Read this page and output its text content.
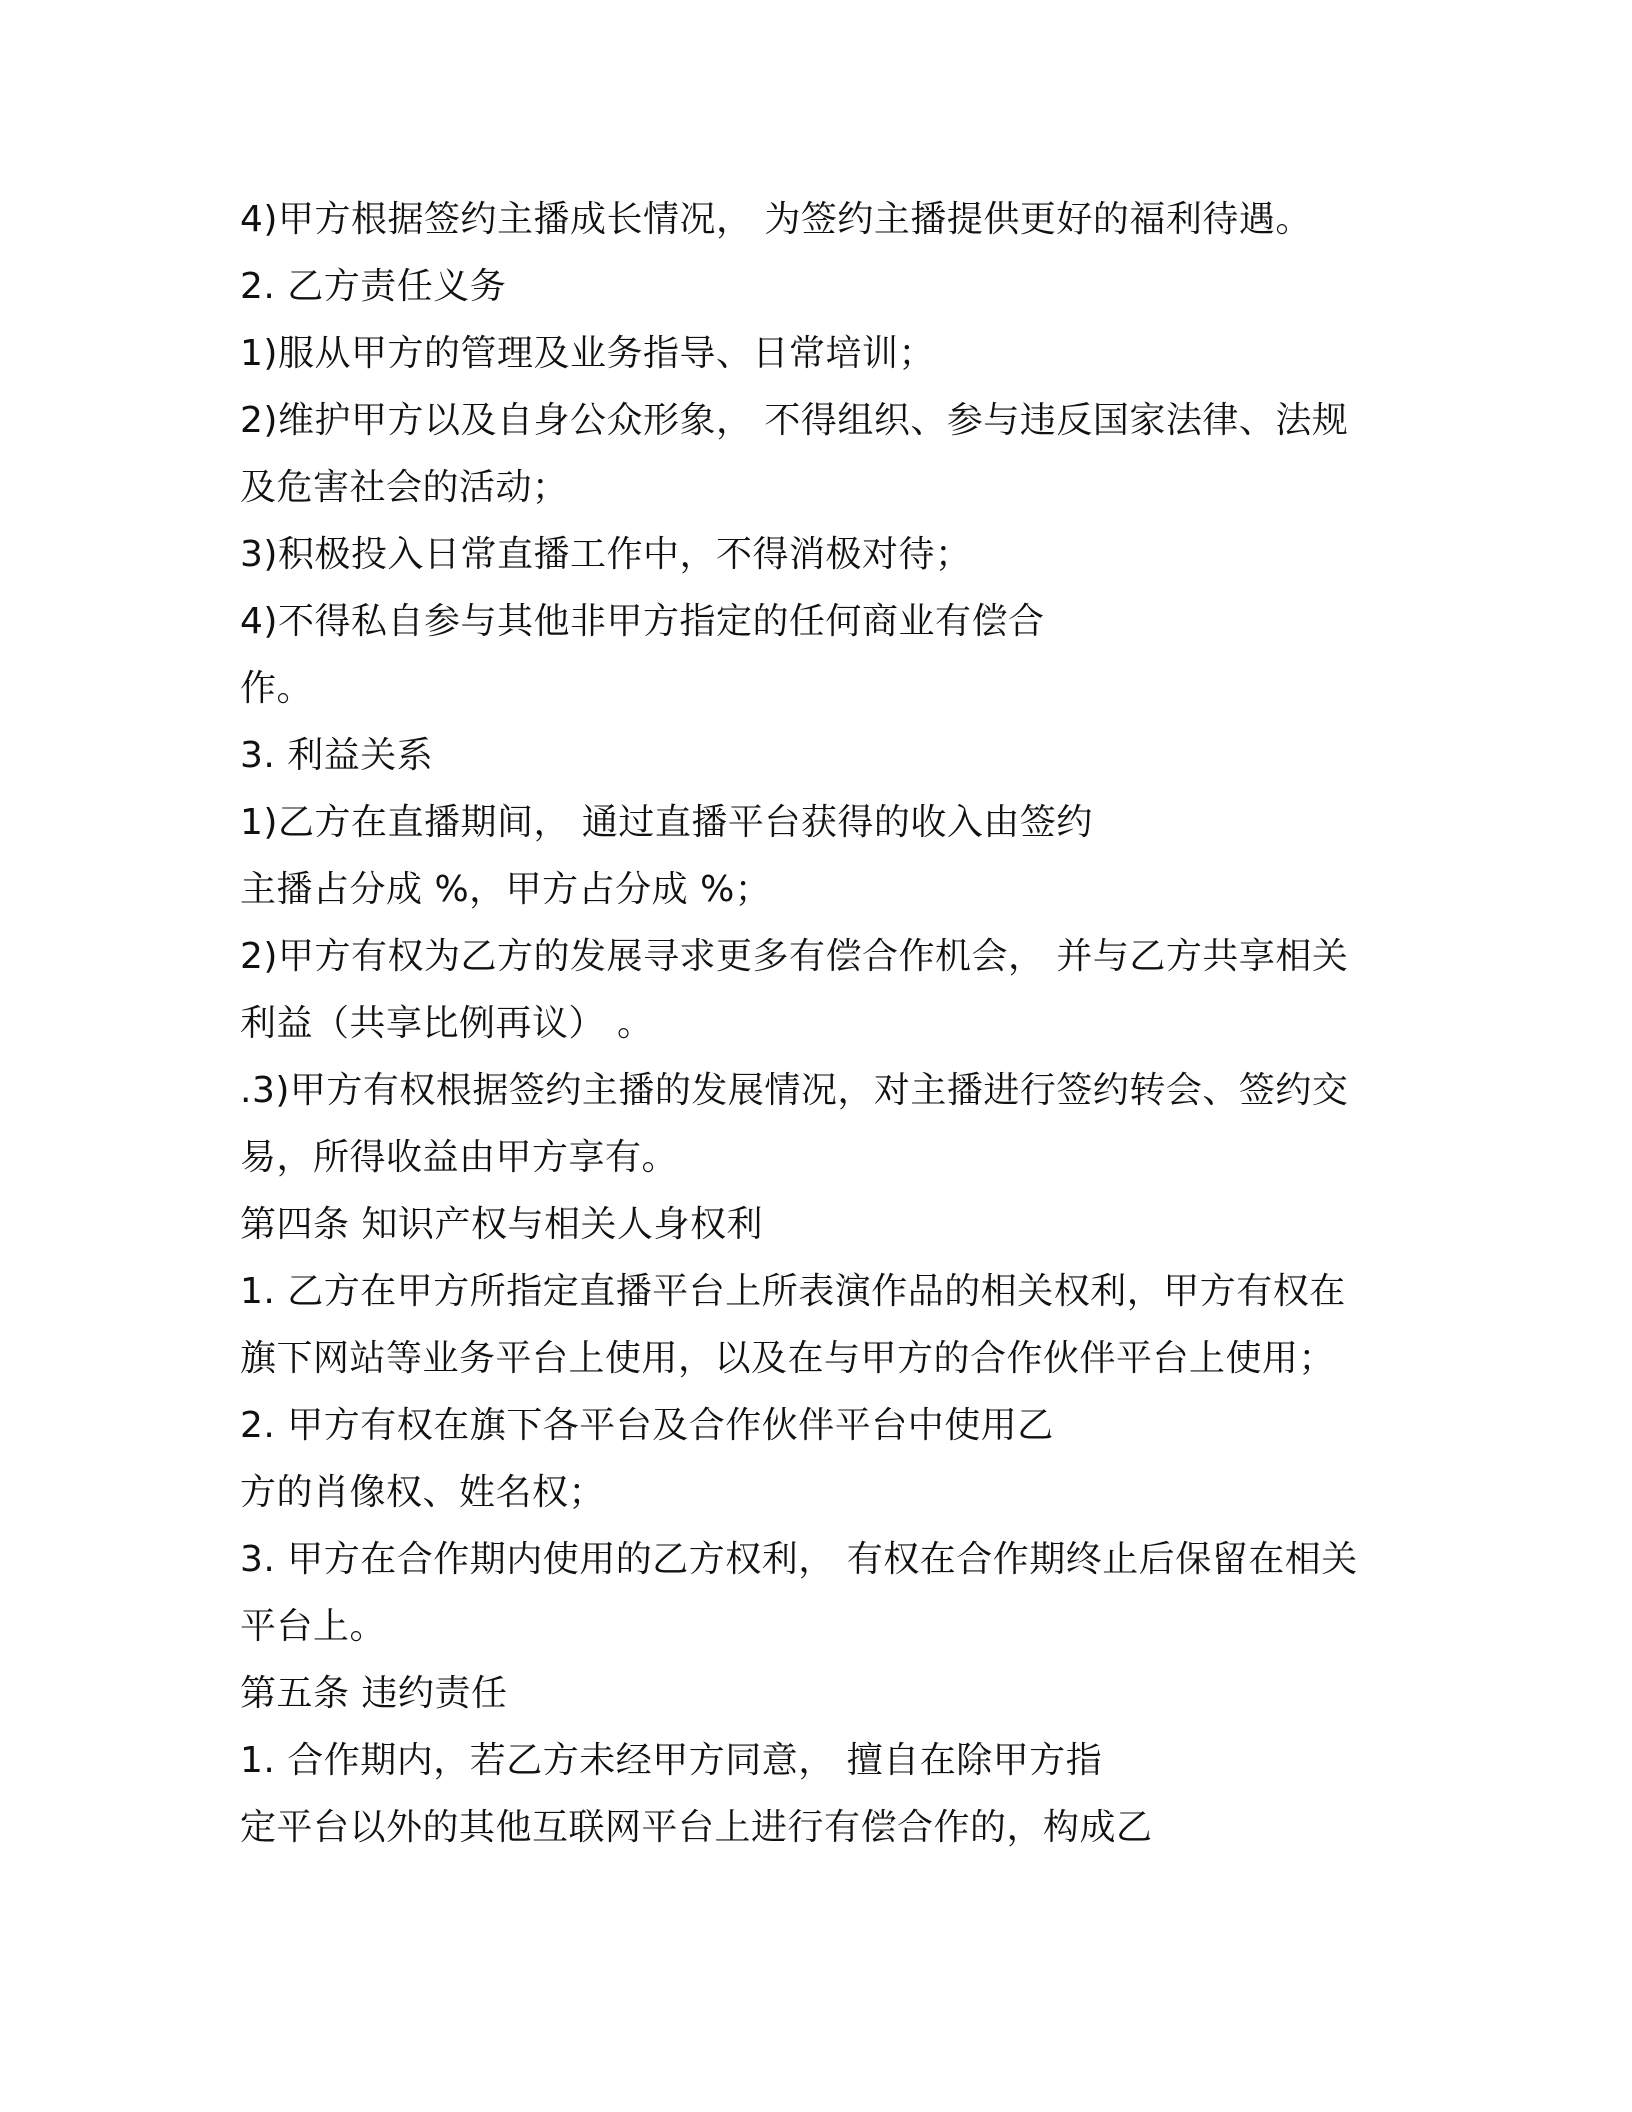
4)甲方根据签约主播成长情况， 为签约主播提供更好的福利待遇。
2. 乙方责任义务
1)服从甲方的管理及业务指导、日常培训；
2)维护甲方以及自身公众形象， 不得组织、参与违反国家法律、法规
及危害社会的活动；
3)积极投入日常直播工作中，不得消极对待；
4)不得私自参与其他非甲方指定的任何商业有偿合
作。
3. 利益关系
1)乙方在直播期间， 通过直播平台获得的收入由签约
主播占分成 %，甲方占分成 %；
2)甲方有权为乙方的发展寻求更多有偿合作机会， 并与乙方共享相关
利益（共享比例再议） 。
.3)甲方有权根据签约主播的发展情况，对主播进行签约转会、签约交
易，所得收益由甲方享有。
第四条 知识产权与相关人身权利
1. 乙方在甲方所指定直播平台上所表演作品的相关权利，甲方有权在
旗下网站等业务平台上使用，以及在与甲方的合作伙伴平台上使用；
2. 甲方有权在旗下各平台及合作伙伴平台中使用乙
方的肖像权、姓名权；
3. 甲方在合作期内使用的乙方权利， 有权在合作期终止后保留在相关
平台上。
第五条 违约责任
1. 合作期内，若乙方未经甲方同意， 擅自在除甲方指
定平台以外的其他互联网平台上进行有偿合作的，构成乙
